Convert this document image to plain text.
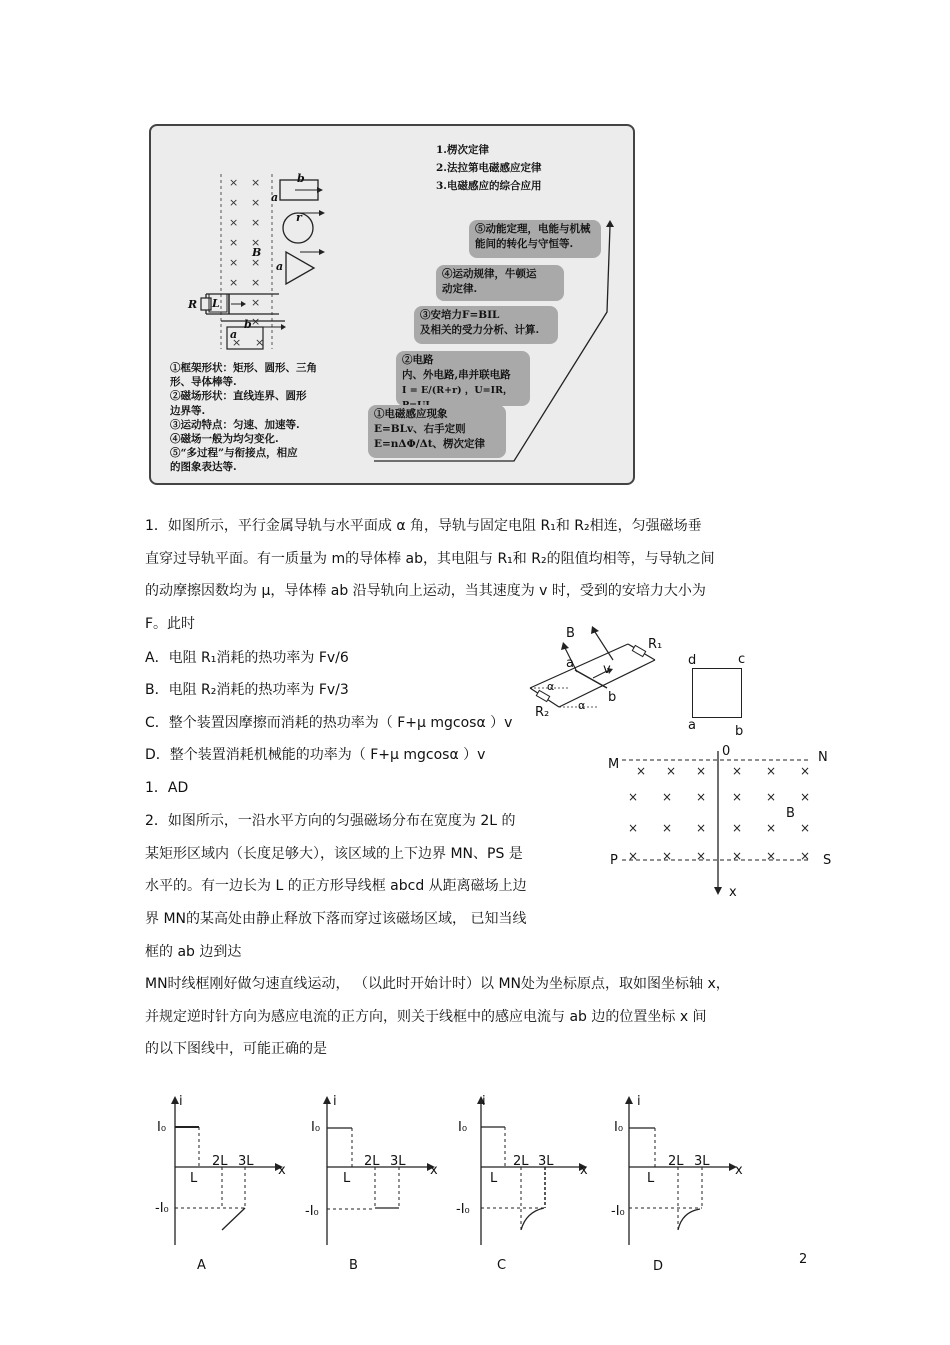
× ×
× ×
× ×
× ×
× ×
× ×
×
×
× ×
b
a
r
B
a
R L
b
a
1.楞次定律
2.法拉第电磁感应定律
3.电磁感应的综合应用
①框架形状：矩形、圆形、三角
形、导体棒等.
②磁场形状：直线连界、圆形
边界等.
③运动特点：匀速、加速等.
④磁场一般为均匀变化.
⑤“多过程”与衔接点，相应
的图象表达等.
⑤动能定理，电能与机械
能间的转化与守恒等.
④运动规律，牛顿运
动定律.
③安培力F=BIL
及相关的受力分析、计算.
②电路
内、外电路,串并联电路
I = E/(R+r) ，U=IR，
①电磁感应现象
E=BLv、右手定则
E=nΔΦ/Δt、楞次定律
1．如图所示，平行金属导轨与水平面成 α 角，导轨与固定电阻 R₁和 R₂相连，匀强磁场垂
直穿过导轨平面。有一质量为 m的导体棒 ab，其电阻与 R₁和 R₂的阻值均相等，与导轨之间
的动摩擦因数均为 μ，导体棒 ab 沿导轨向上运动，当其速度为 v 时，受到的安培力大小为
F。此时
A．电阻 R₁消耗的热功率为 Fv/6
B．电阻 R₂消耗的热功率为 Fv/3
C．整个装置因摩擦而消耗的热功率为（ F+μ mgcosα ）v
D．整个装置消耗机械能的功率为（ F+μ mgcosα ）v
1．AD
B
R₁
a v
b
R₂
α
α
2．如图所示，一沿水平方向的匀强磁场分布在宽度为 2L 的
某矩形区域内（长度足够大），该区域的上下边界 MN、PS 是
水平的。有一边长为 L 的正方形导线框 abcd 从距离磁场上边
界 MN的某高处由静止释放下落而穿过该磁场区域， 已知当线
框的 ab 边到达
MN时线框刚好做匀速直线运动， （以此时开始计时）以 MN处为坐标原点，取如图坐标轴 x，
并规定逆时针方向为感应电流的正方向，则关于线框中的感应电流与 ab 边的位置坐标 x 间
的以下图线中，可能正确的是
d	c
a	b
× × × × × ×
× × × × × ×
× × × × × ×
× × × × × ×
M	N
0
B
P	S
x
i
I₀
-I₀
L
2L 3L
x
A
i
I₀
-I₀
L
2L 3L
x
B
i
I₀
-I₀
L
2L 3L
x
C
i
I₀
-I₀
L
2L 3L
x
D	2
